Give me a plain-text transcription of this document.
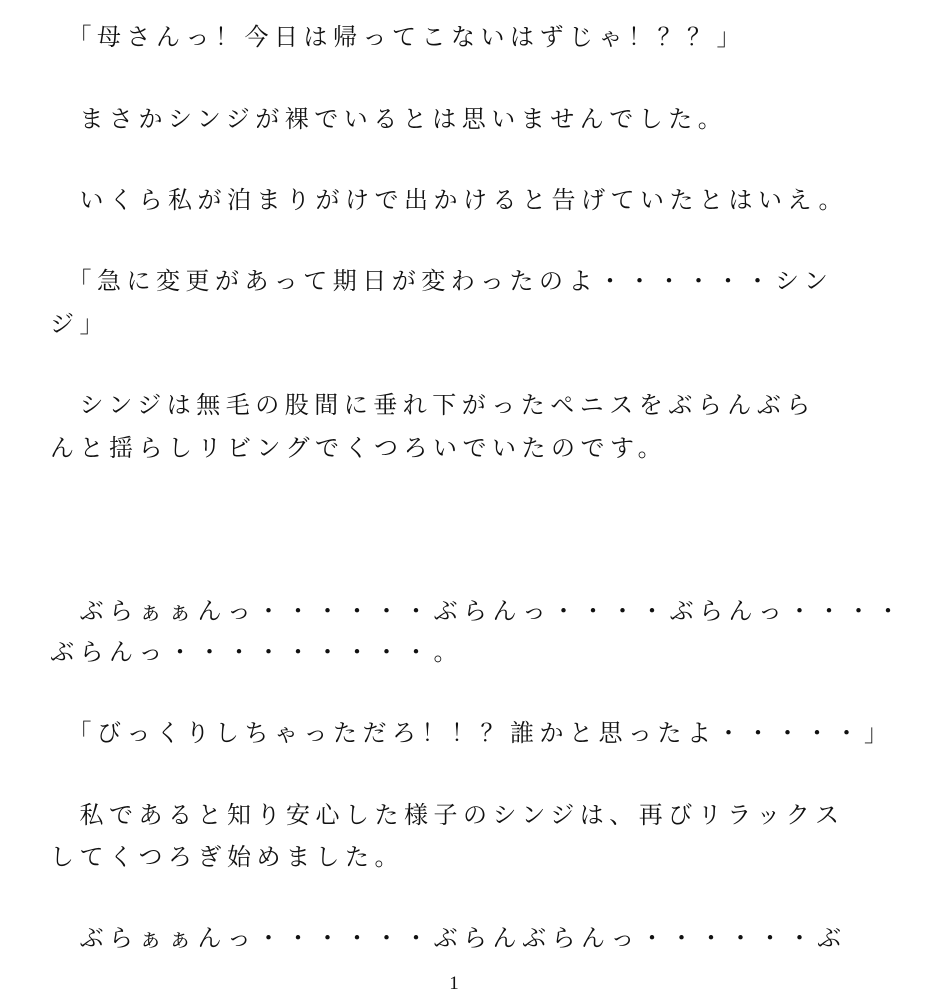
　「母さんっ！今日は帰ってこないはずじゃ！？？」

　まさかシンジが裸でいるとは思いませんでした。

　いくら私が泊まりがけで出かけると告げていたとはいえ。

　「急に変更があって期日が変わったのよ・・・・・・シン

ジ」

　シンジは無毛の股間に垂れ下がったペニスをぶらんぶら

んと揺らしリビングでくつろいでいたのです。

　ぶらぁぁんっ・・・・・・ぶらんっ・・・・ぶらんっ・・・・

ぶらんっ・・・・・・・・・。

　「びっくりしちゃっただろ！！？誰かと思ったよ・・・・・」

　私であると知り安心した様子のシンジは、再びリラックス

してくつろぎ始めました。

　ぶらぁぁんっ・・・・・・ぶらんぶらんっ・・・・・・ぶ

1
